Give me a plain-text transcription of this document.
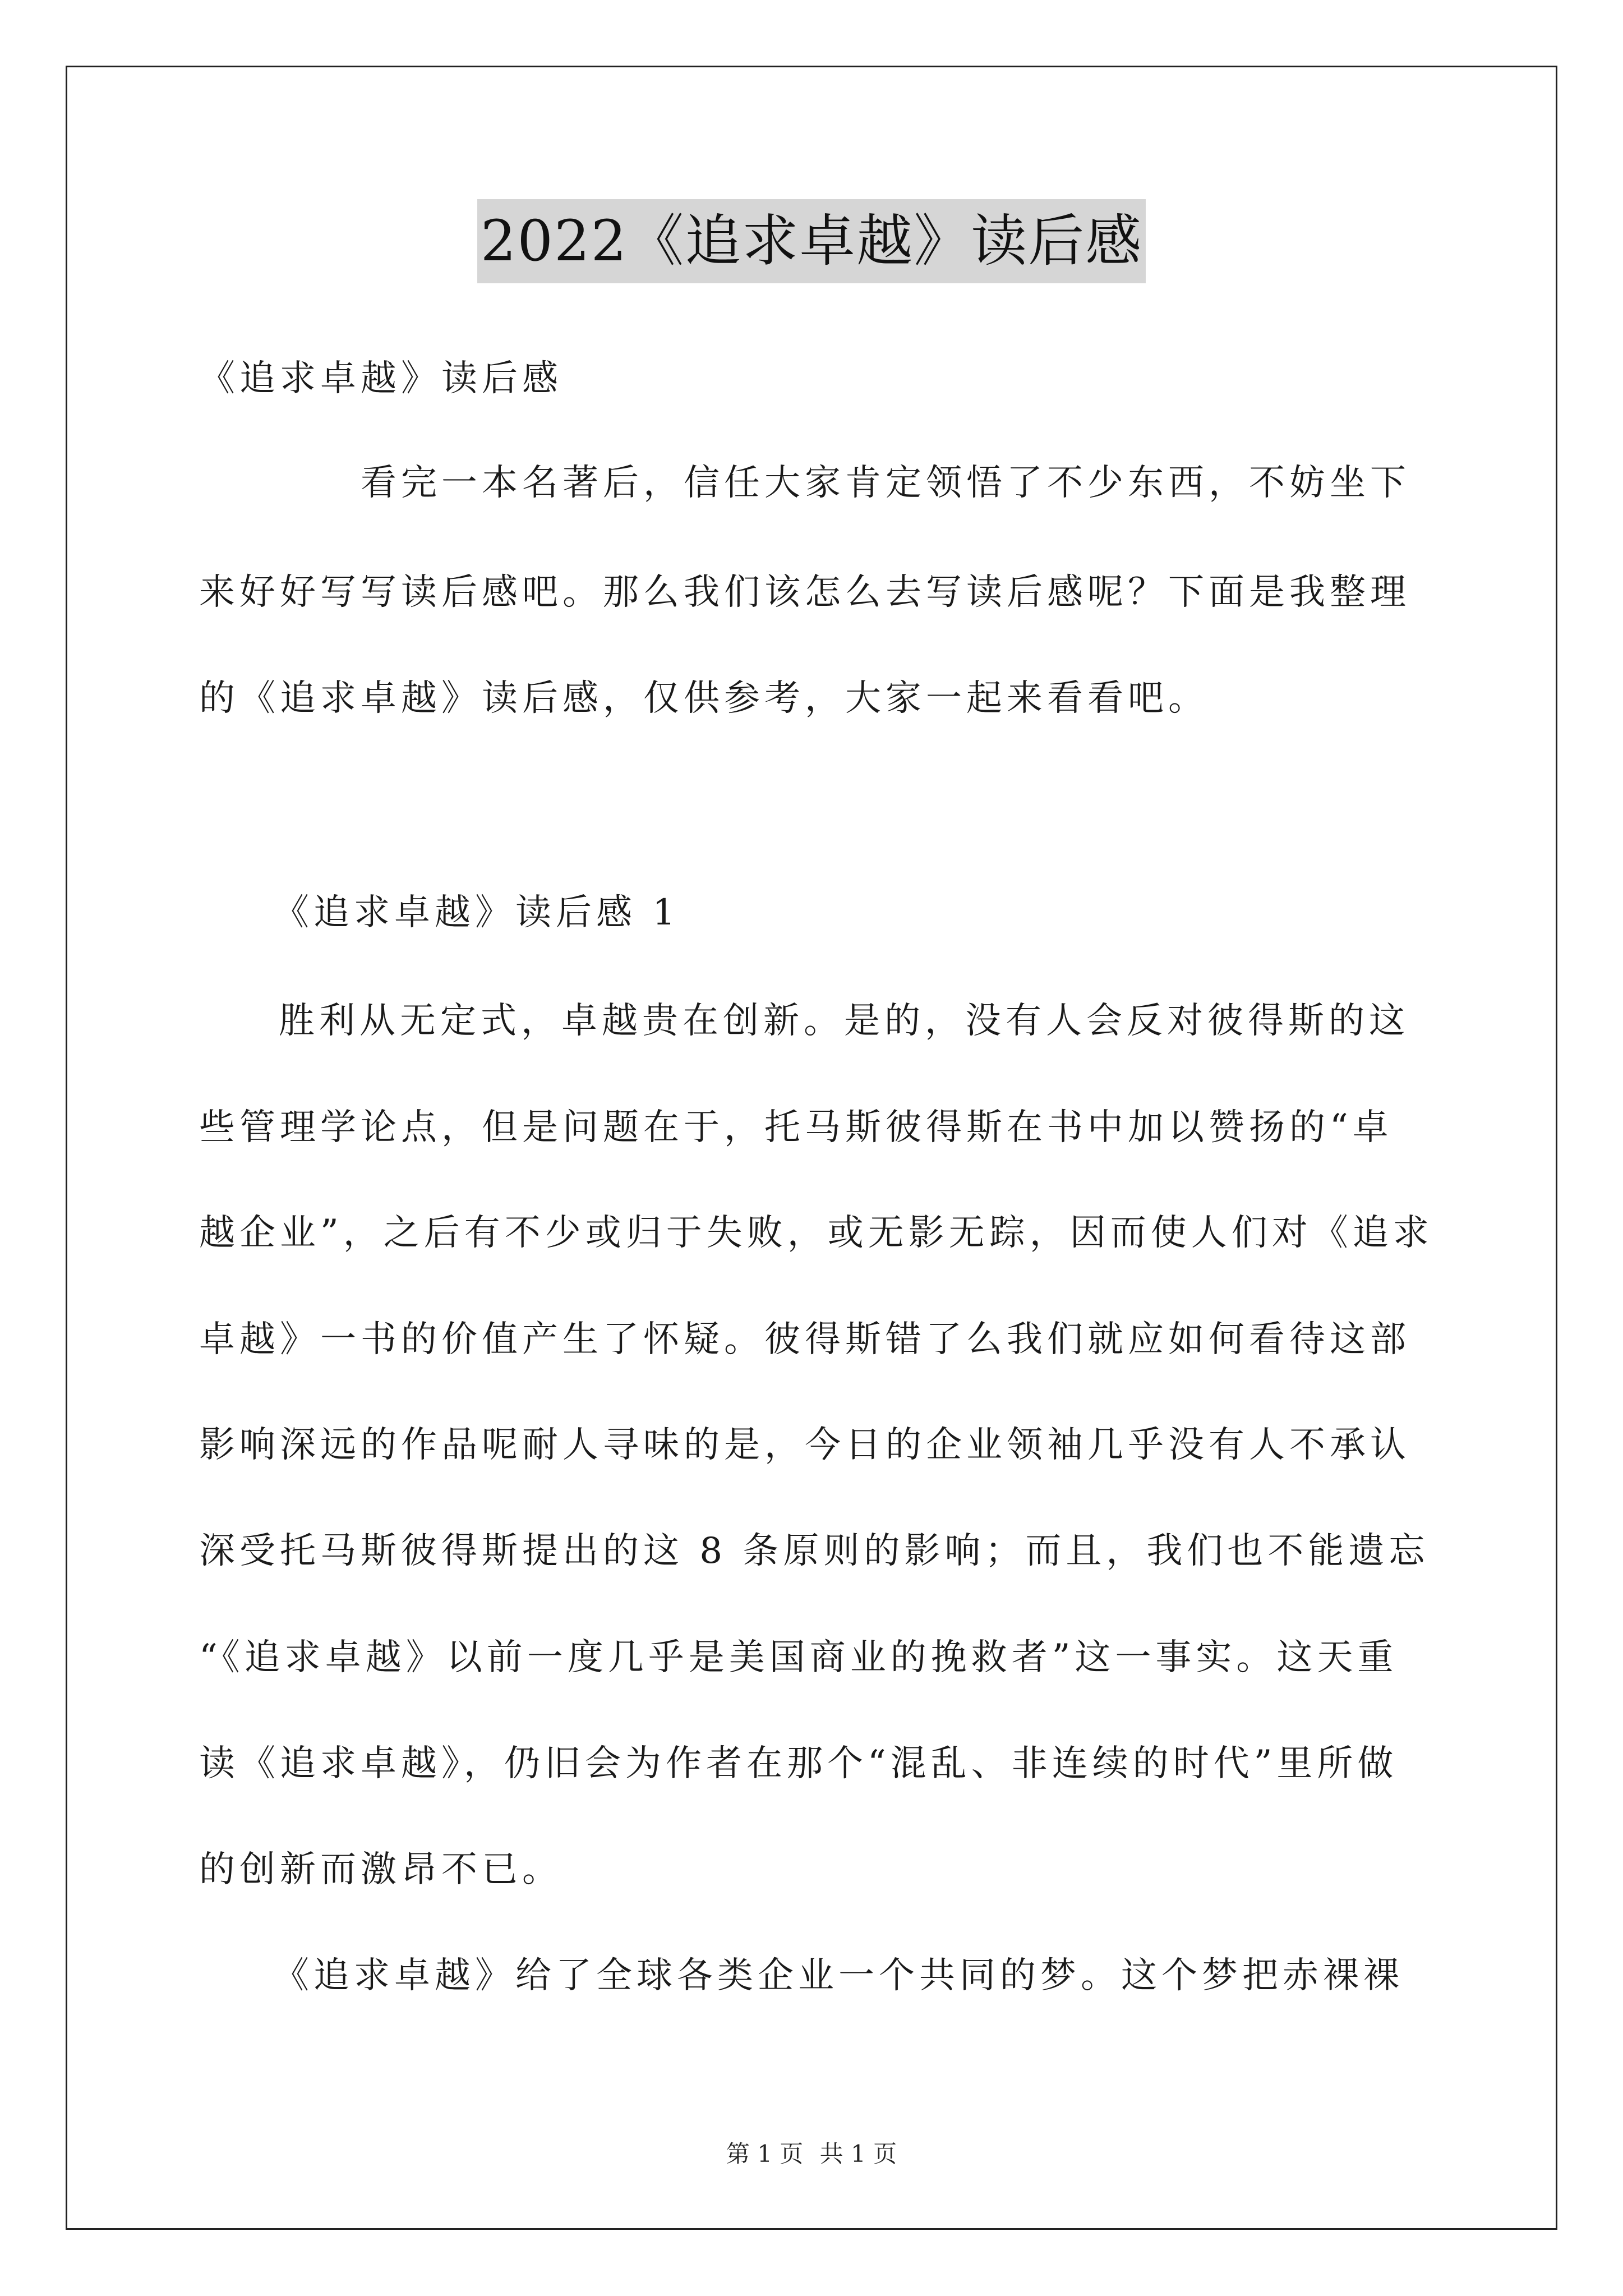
2022《追求卓越》读后感
《追求卓越》读后感
看完一本名著后，信任大家肯定领悟了不少东西，不妨坐下
来好好写写读后感吧。那么我们该怎么去写读后感呢？下面是我整理
的《追求卓越》读后感，仅供参考，大家一起来看看吧。
《追求卓越》读后感 1
胜利从无定式，卓越贵在创新。是的，没有人会反对彼得斯的这
些管理学论点，但是问题在于，托马斯彼得斯在书中加以赞扬的“卓
越企业”，之后有不少或归于失败，或无影无踪，因而使人们对《追求
卓越》一书的价值产生了怀疑。彼得斯错了么我们就应如何看待这部
影响深远的作品呢耐人寻味的是，今日的企业领袖几乎没有人不承认
深受托马斯彼得斯提出的这 8 条原则的影响；而且，我们也不能遗忘
“《追求卓越》以前一度几乎是美国商业的挽救者”这一事实。这天重
读《追求卓越》，仍旧会为作者在那个“混乱、非连续的时代”里所做
的创新而激昂不已。
《追求卓越》给了全球各类企业一个共同的梦。这个梦把赤裸裸
第 1 页 共 1 页
